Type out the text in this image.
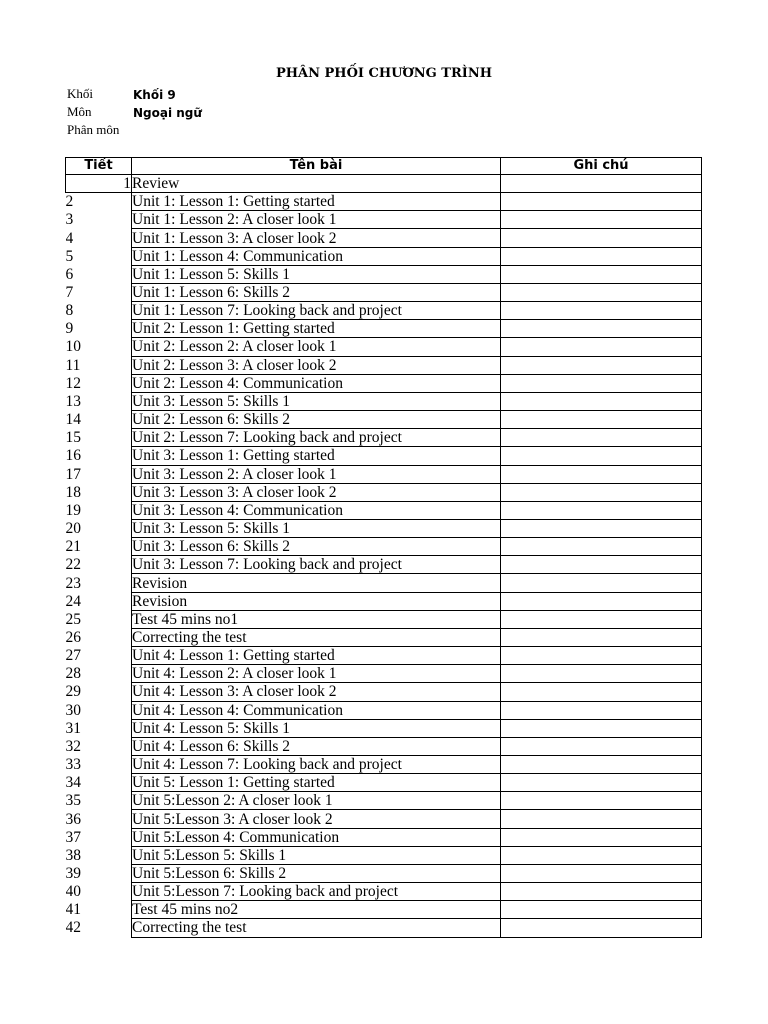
PHÂN PHỐI CHƯƠNG TRÌNH
Khối	Khối 9
Môn	Ngoại ngữ
Phân môn
Tiết	Tên bài	Ghi chú
1	Review	
2	Unit 1: Lesson 1: Getting started	
3	Unit 1: Lesson 2: A closer look 1	
4	Unit 1: Lesson 3: A closer look 2	
5	Unit 1: Lesson 4: Communication	
6	Unit 1: Lesson 5: Skills 1	
7	Unit 1: Lesson 6: Skills 2	
8	Unit 1: Lesson 7: Looking back and project	
9	Unit 2: Lesson 1: Getting started	
10	Unit 2: Lesson 2: A closer look 1	
11	Unit 2: Lesson 3: A closer look 2	
12	Unit 2: Lesson 4: Communication	
13	Unit 3: Lesson 5: Skills 1	
14	Unit 2: Lesson 6: Skills 2	
15	Unit 2: Lesson 7: Looking back and project	
16	Unit 3: Lesson 1: Getting started	
17	Unit 3: Lesson 2: A closer look 1	
18	Unit 3: Lesson 3: A closer look 2	
19	Unit 3: Lesson 4: Communication	
20	Unit 3: Lesson 5: Skills 1	
21	Unit 3: Lesson 6: Skills 2	
22	Unit 3: Lesson 7: Looking back and project	
23	Revision	
24	Revision	
25	Test 45 mins no1	
26	Correcting the test	
27	Unit 4: Lesson 1: Getting started	
28	Unit 4: Lesson 2: A closer look 1	
29	Unit 4: Lesson 3: A closer look 2	
30	Unit 4: Lesson 4: Communication	
31	Unit 4: Lesson 5: Skills 1	
32	Unit 4: Lesson 6: Skills 2	
33	Unit 4: Lesson 7: Looking back and project	
34	Unit 5: Lesson 1: Getting started	
35	Unit 5:Lesson 2: A closer look 1	
36	Unit 5:Lesson 3: A closer look 2	
37	Unit 5:Lesson 4: Communication	
38	Unit 5:Lesson 5: Skills 1	
39	Unit 5:Lesson 6: Skills 2	
40	Unit 5:Lesson 7: Looking back and project	
41	Test 45 mins no2	
42	Correcting the test	
